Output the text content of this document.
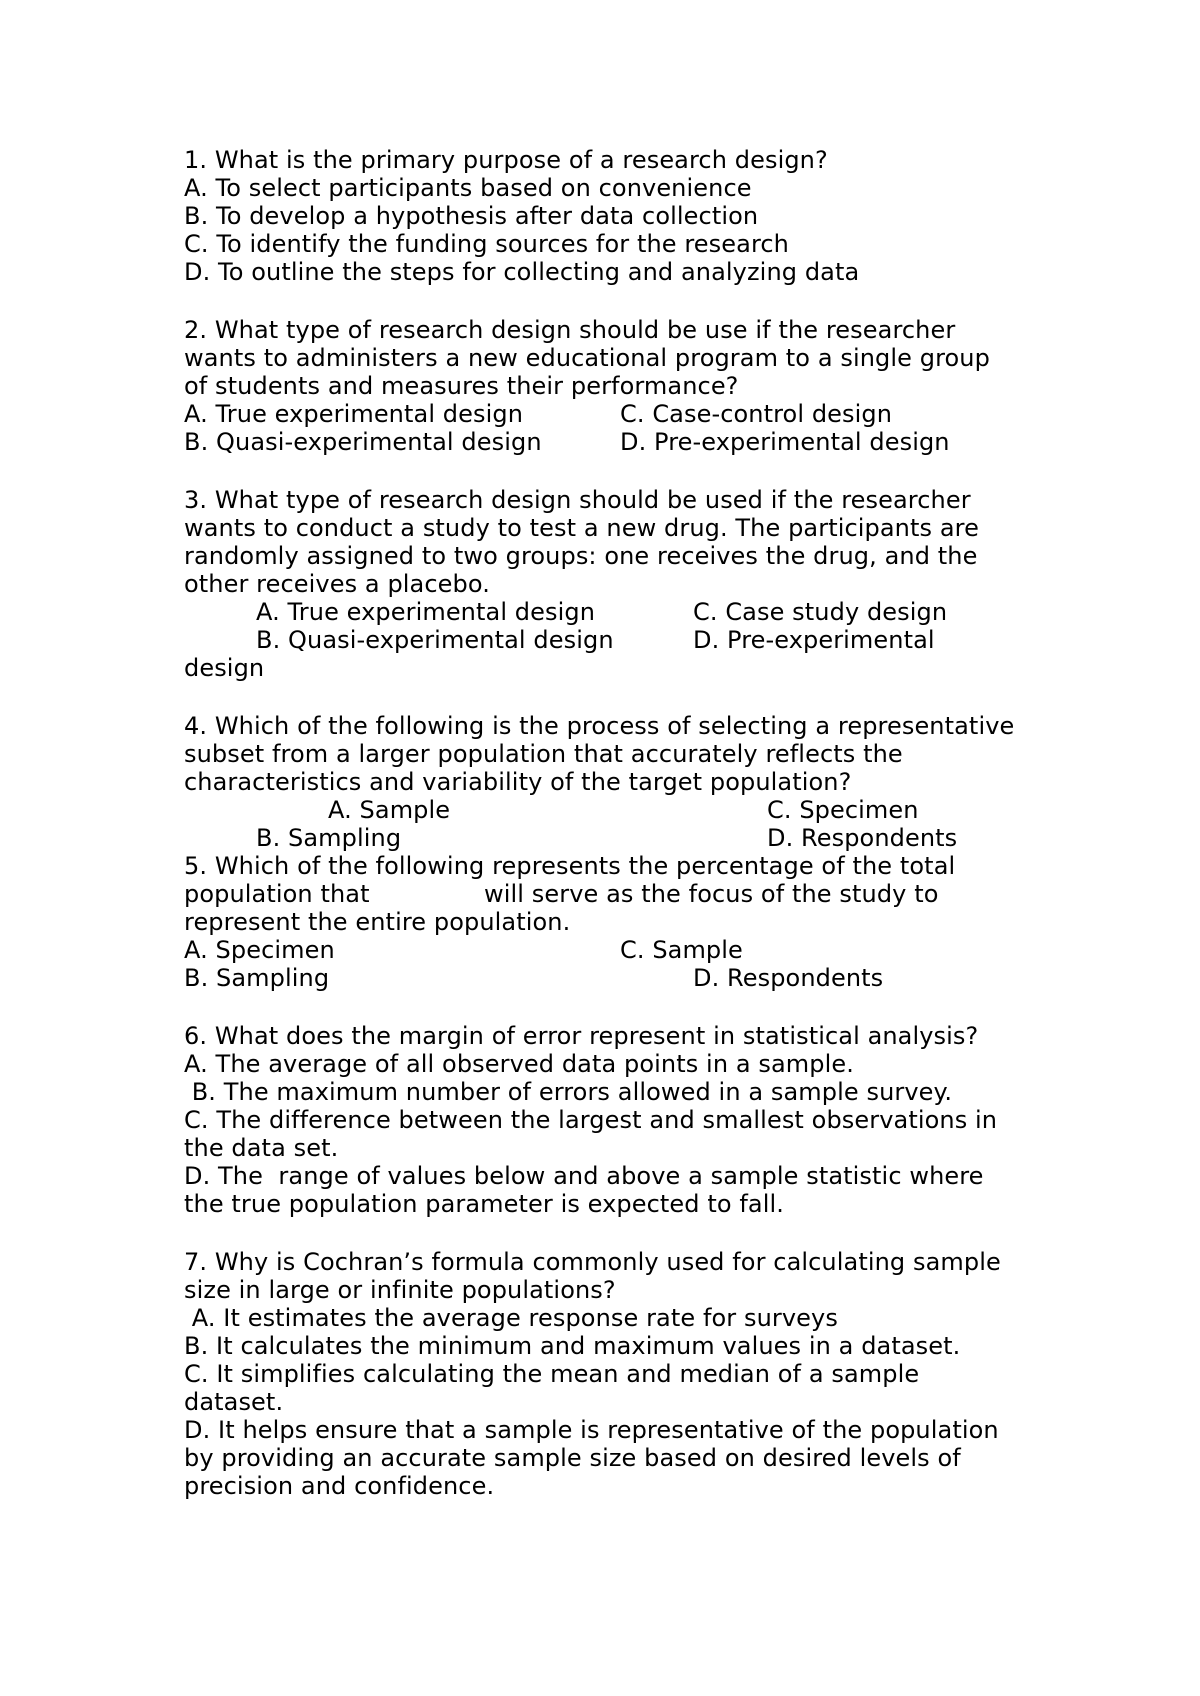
1. What is the primary purpose of a research design?
A. To select participants based on convenience
B. To develop a hypothesis after data collection
C. To identify the funding sources for the research
D. To outline the steps for collecting and analyzing data
2. What type of research design should be use if the researcher
wants to administers a new educational program to a single group
of students and measures their performance?
A. True experimental design	C. Case-control design
B. Quasi-experimental design	D. Pre-experimental design
3. What type of research design should be used if the researcher
wants to conduct a study to test a new drug. The participants are
randomly assigned to two groups: one receives the drug, and the
other receives a placebo.
A. True experimental design	C. Case study design
B. Quasi-experimental design	D. Pre-experimental
design
4. Which of the following is the process of selecting a representative
subset from a larger population that accurately reflects the
characteristics and variability of the target population?
A. Sample	C. Specimen
B. Sampling	D. Respondents
5. Which of the following represents the percentage of the total
population that	will serve as the focus of the study to
represent the entire population.
A. Specimen	C. Sample
B. Sampling	D. Respondents
6. What does the margin of error represent in statistical analysis?
A. The average of all observed data points in a sample.
B. The maximum number of errors allowed in a sample survey.
C. The difference between the largest and smallest observations in
the data set.
D. The  range of values below and above a sample statistic where
the true population parameter is expected to fall.
7. Why is Cochran’s formula commonly used for calculating sample
size in large or infinite populations?
A. It estimates the average response rate for surveys
B. It calculates the minimum and maximum values in a dataset.
C. It simplifies calculating the mean and median of a sample
dataset.
D. It helps ensure that a sample is representative of the population
by providing an accurate sample size based on desired levels of
precision and confidence.
